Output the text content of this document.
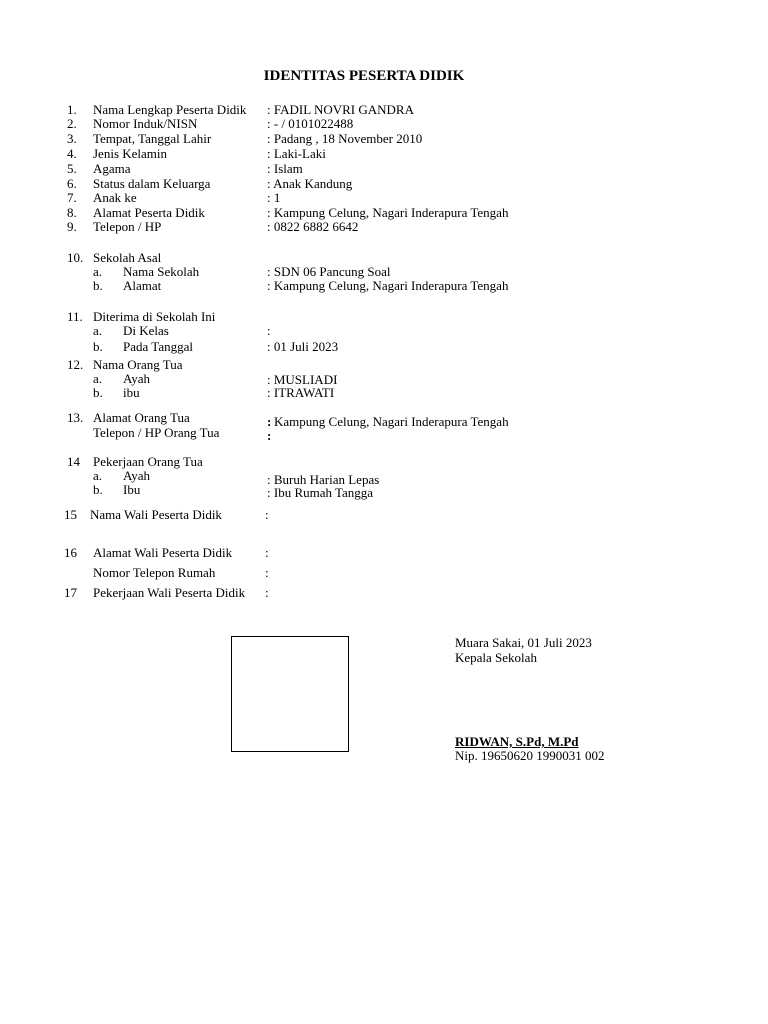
IDENTITAS PESERTA DIDIK
1. Nama Lengkap Peserta Didik : FADIL NOVRI GANDRA
2. Nomor Induk/NISN	: - / 0101022488
3. Tempat, Tanggal Lahir	: Padang , 18 November 2010
4. Jenis Kelamin	: Laki-Laki
5. Agama	: Islam
6. Status dalam Keluarga	: Anak Kandung
7. Anak ke	: 1
8. Alamat Peserta Didik	: Kampung Celung, Nagari Inderapura Tengah
9. Telepon / HP	: 0822 6882 6642
10. Sekolah Asal
a. Nama Sekolah	: SDN 06 Pancung Soal
b. Alamat	: Kampung Celung, Nagari Inderapura Tengah
11. Diterima di Sekolah Ini
a. Di Kelas	:
b. Pada Tanggal	: 01 Juli 2023
12. Nama Orang Tua
a. Ayah	: MUSLIADI
b. ibu	: ITRAWATI
13. Alamat Orang Tua	: Kampung Celung, Nagari Inderapura Tengah
Telepon / HP Orang Tua	:
14 Pekerjaan Orang Tua
a. Ayah	: Buruh Harian Lepas
b. Ibu	: Ibu Rumah Tangga
15 Nama Wali Peserta Didik	:
16 Alamat Wali Peserta Didik	:
Nomor Telepon Rumah	:
17 Pekerjaan Wali Peserta Didik :
Muara Sakai, 01 Juli 2023
Kepala Sekolah
RIDWAN, S.Pd, M.Pd
Nip. 19650620 1990031 002
